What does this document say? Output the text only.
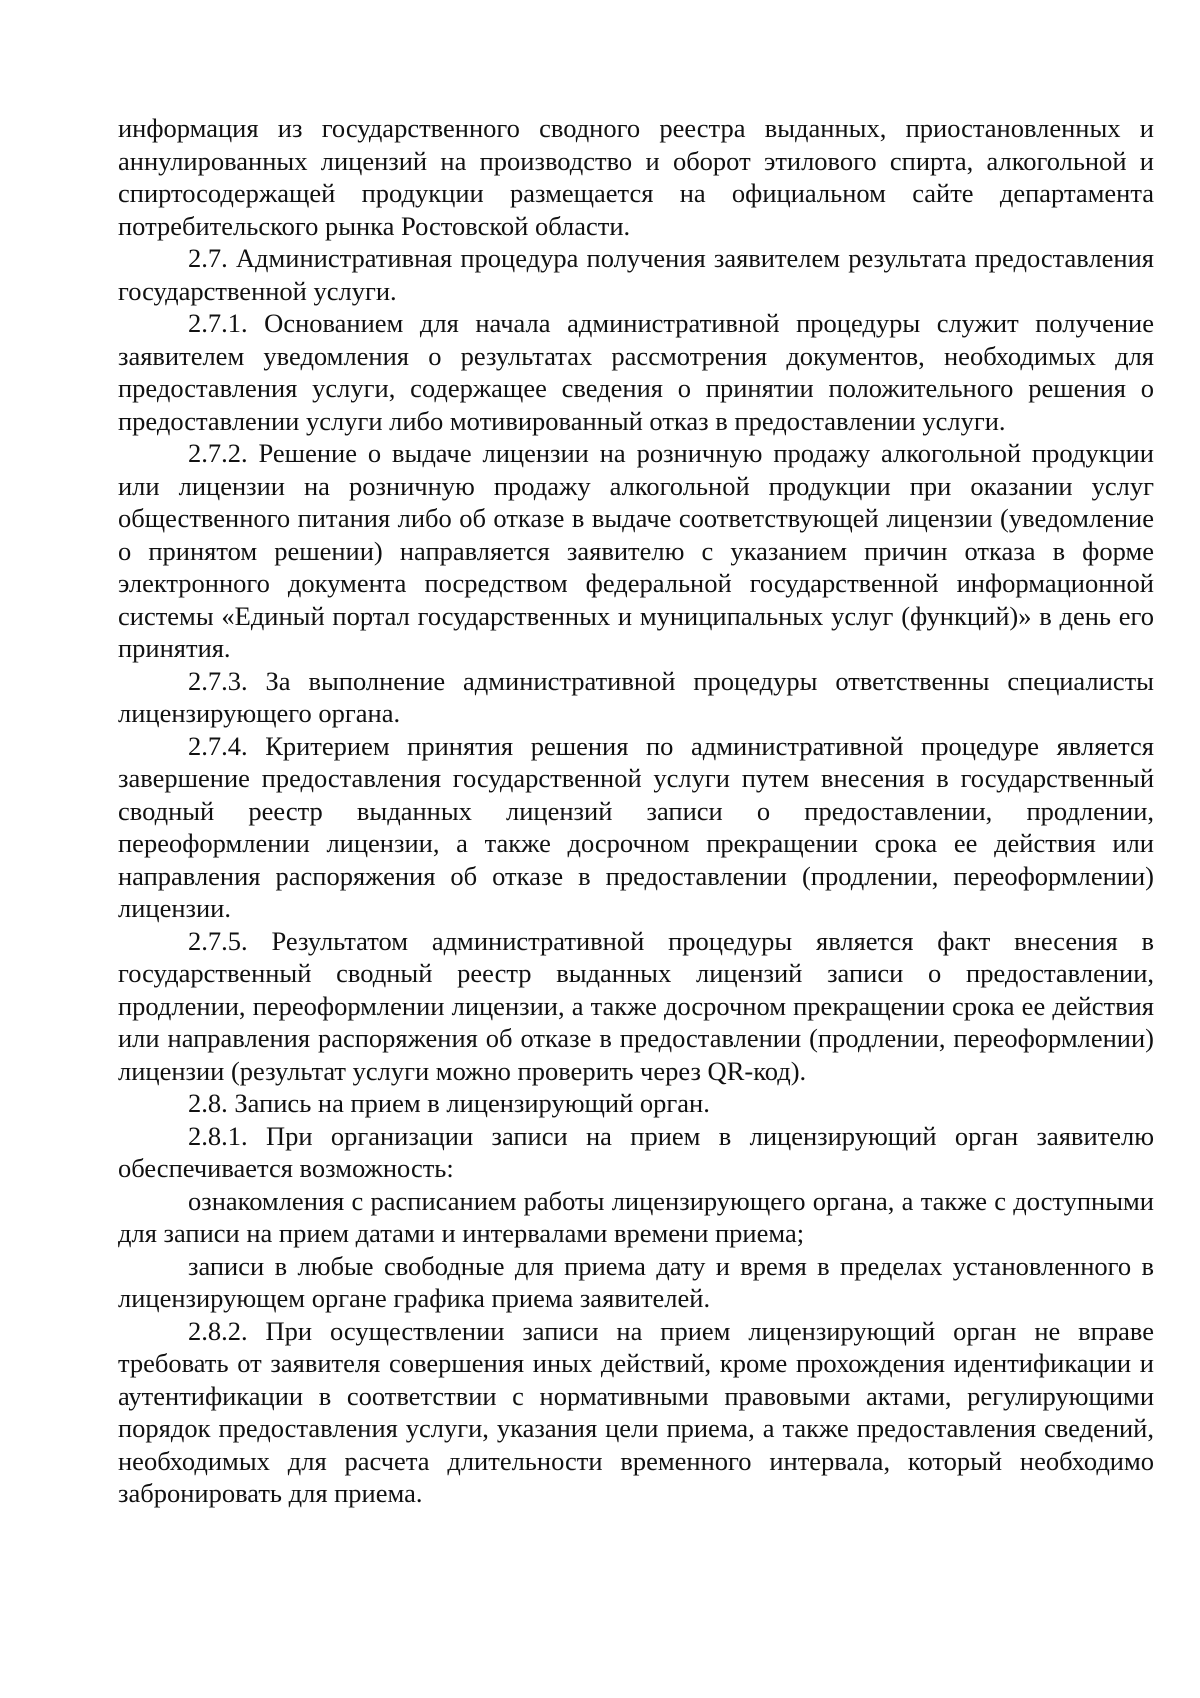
информация из государственного сводного реестра выданных, приостановленных и аннулированных лицензий на производство и оборот этилового спирта, алкогольной и спиртосодержащей продукции размещается на официальном сайте департамента потребительского рынка Ростовской области.

2.7. Административная процедура получения заявителем результата предоставления государственной услуги.

2.7.1. Основанием для начала административной процедуры служит получение заявителем уведомления о результатах рассмотрения документов, необходимых для предоставления услуги, содержащее сведения о принятии положительного решения о предоставлении услуги либо мотивированный отказ в предоставлении услуги.

2.7.2. Решение о выдаче лицензии на розничную продажу алкогольной продукции или лицензии на розничную продажу алкогольной продукции при оказании услуг общественного питания либо об отказе в выдаче соответствующей лицензии (уведомление о принятом решении) направляется заявителю с указанием причин отказа в форме электронного документа посредством федеральной государственной информационной системы «Единый портал государственных и муниципальных услуг (функций)» в день его принятия.

2.7.3. За выполнение административной процедуры ответственны специалисты лицензирующего органа.

2.7.4. Критерием принятия решения по административной процедуре является завершение предоставления государственной услуги путем внесения в государственный сводный реестр выданных лицензий записи о предоставлении, продлении, переоформлении лицензии, а также досрочном прекращении срока ее действия или направления распоряжения об отказе в предоставлении (продлении, переоформлении) лицензии.

2.7.5. Результатом административной процедуры является факт внесения в государственный сводный реестр выданных лицензий записи о предоставлении, продлении, переоформлении лицензии, а также досрочном прекращении срока ее действия или направления распоряжения об отказе в предоставлении (продлении, переоформлении) лицензии (результат услуги можно проверить через QR-код).

2.8. Запись на прием в лицензирующий орган.

2.8.1. При организации записи на прием в лицензирующий орган заявителю обеспечивается возможность:

ознакомления с расписанием работы лицензирующего органа, а также с доступными для записи на прием датами и интервалами времени приема;

записи в любые свободные для приема дату и время в пределах установленного в лицензирующем органе графика приема заявителей.

2.8.2. При осуществлении записи на прием лицензирующий орган не вправе требовать от заявителя совершения иных действий, кроме прохождения идентификации и аутентификации в соответствии с нормативными правовыми актами, регулирующими порядок предоставления услуги, указания цели приема, а также предоставления сведений, необходимых для расчета длительности временного интервала, который необходимо забронировать для приема.
